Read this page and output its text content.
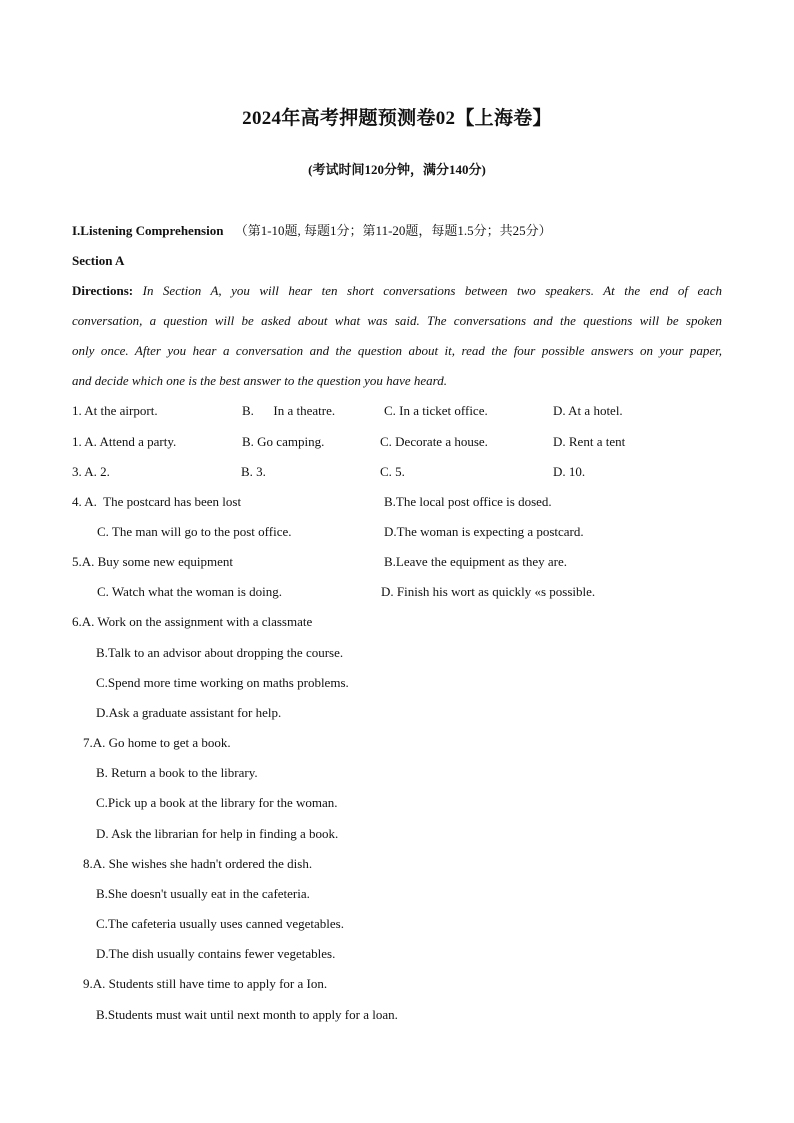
2024年高考押题预测卷02【上海卷】
(考试时间120分钟，满分140分)
I.Listening Comprehension （第1-10题, 每题1分；第11-20题，每题1.5分；共25分）
Section A
Directions: In Section A, you will hear ten short conversations between two speakers. At the end of each
conversation, a question will be asked about what was said. The conversations and the questions will be spoken
only once. After you hear a conversation and the question about it, read the four possible answers on your paper,
and decide which one is the best answer to the question you have heard.
1. At the airport.	B.      In a theatre.	C. In a ticket office.	D. At a hotel.
1. A. Attend a party.	B. Go camping.	C. Decorate a house.	D. Rent a tent
3. A. 2.	B. 3.	C. 5.	D. 10.
4. A.  The postcard has been lost	B.The local post office is dosed.
C. The man will go to the post office.	D.The woman is expecting a postcard.
5.A. Buy some new equipment	B.Leave the equipment as they are.
C. Watch what the woman is doing.	D. Finish his wort as quickly «s possible.
6.A. Work on the assignment with a classmate
B.Talk to an advisor about dropping the course.
C.Spend more time working on maths problems.
D.Ask a graduate assistant for help.
7.A. Go home to get a book.
B. Return a book to the library.
C.Pick up a book at the library for the woman.
D. Ask the librarian for help in finding a book.
8.A. She wishes she hadn't ordered the dish.
B.She doesn't usually eat in the cafeteria.
C.The cafeteria usually uses canned vegetables.
D.The dish usually contains fewer vegetables.
9.A. Students still have time to apply for a Ion.
B.Students must wait until next month to apply for a loan.
